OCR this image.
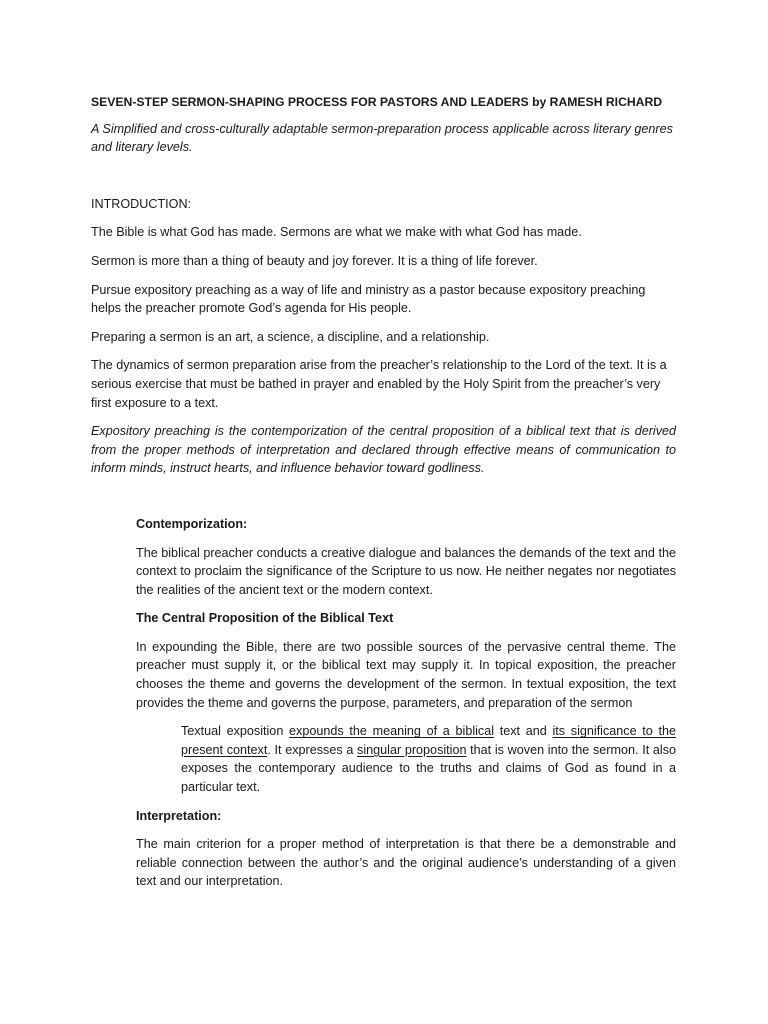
SEVEN-STEP SERMON-SHAPING PROCESS FOR PASTORS AND LEADERS by RAMESH RICHARD

A Simplified and cross-culturally adaptable sermon-preparation process applicable across literary genres and literary levels.

INTRODUCTION:

The Bible is what God has made. Sermons are what we make with what God has made.

Sermon is more than a thing of beauty and joy forever. It is a thing of life forever.

Pursue expository preaching as a way of life and ministry as a pastor because expository preaching helps the preacher promote God’s agenda for His people.

Preparing a sermon is an art, a science, a discipline, and a relationship.

The dynamics of sermon preparation arise from the preacher’s relationship to the Lord of the text. It is a serious exercise that must be bathed in prayer and enabled by the Holy Spirit from the preacher’s very first exposure to a text.

Expository preaching is the contemporization of the central proposition of a biblical text that is derived from the proper methods of interpretation and declared through effective means of communication to inform minds, instruct hearts, and influence behavior toward godliness.

Contemporization:

The biblical preacher conducts a creative dialogue and balances the demands of the text and the context to proclaim the significance of the Scripture to us now. He neither negates nor negotiates the realities of the ancient text or the modern context.

The Central Proposition of the Biblical Text

In expounding the Bible, there are two possible sources of the pervasive central theme. The preacher must supply it, or the biblical text may supply it. In topical exposition, the preacher chooses the theme and governs the development of the sermon. In textual exposition, the text provides the theme and governs the purpose, parameters, and preparation of the sermon

Textual exposition expounds the meaning of a biblical text and its significance to the present context. It expresses a singular proposition that is woven into the sermon. It also exposes the contemporary audience to the truths and claims of God as found in a particular text.

Interpretation:

The main criterion for a proper method of interpretation is that there be a demonstrable and reliable connection between the author’s and the original audience’s understanding of a given text and our interpretation.
